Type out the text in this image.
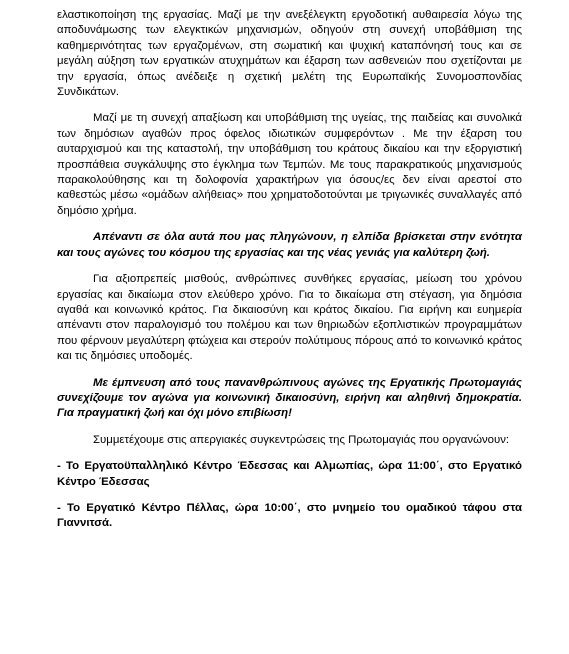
ελαστικοποίηση της εργασίας. Μαζί με την ανεξέλεγκτη εργοδοτική αυθαιρεσία λόγω της αποδυνάμωσης των ελεγκτικών μηχανισμών, οδηγούν στη συνεχή υποβάθμιση της καθημερινότητας των εργαζομένων, στη σωματική και ψυχική καταπόνησή τους και σε μεγάλη αύξηση των εργατικών ατυχημάτων και έξαρση των ασθενειών που σχετίζονται με την εργασία, όπως ανέδειξε η σχετική μελέτη της Ευρωπαϊκής Συνομοσπονδίας Συνδικάτων.

Μαζί με τη συνεχή απαξίωση και υποβάθμιση της υγείας, της παιδείας και συνολικά των δημόσιων αγαθών προς όφελος ιδιωτικών συμφερόντων . Με την έξαρση του αυταρχισμού και της καταστολή, την υποβάθμιση του κράτους δικαίου και την εξοργιστική προσπάθεια συγκάλυψης στο έγκλημα των Τεμπών. Με τους παρακρατικούς μηχανισμούς παρακολούθησης και τη δολοφονία χαρακτήρων για όσους/ες δεν είναι αρεστοί στο καθεστώς μέσω «ομάδων αλήθειας» που χρηματοδοτούνται με τριγωνικές συναλλαγές από δημόσιο χρήμα.

Απέναντι σε όλα αυτά που μας πληγώνουν, η ελπίδα βρίσκεται στην ενότητα και τους αγώνες του κόσμου της εργασίας και της νέας γενιάς για καλύτερη ζωή.

Για αξιοπρεπείς μισθούς, ανθρώπινες συνθήκες εργασίας, μείωση του χρόνου εργασίας και δικαίωμα στον ελεύθερο χρόνο. Για το δικαίωμα στη στέγαση, για δημόσια αγαθά και κοινωνικό κράτος. Για δικαιοσύνη και κράτος δικαίου. Για ειρήνη και ευημερία απέναντι στον παραλογισμό του πολέμου και των θηριωδών εξοπλιστικών προγραμμάτων που φέρνουν μεγαλύτερη φτώχεια και στερούν πολύτιμους πόρους από το κοινωνικό κράτος και τις δημόσιες υποδομές.

Με έμπνευση από τους πανανθρώπινους αγώνες της Εργατικής Πρωτομαγιάς συνεχίζουμε τον αγώνα για κοινωνική δικαιοσύνη, ειρήνη και αληθινή δημοκρατία. Για πραγματική ζωή και όχι μόνο επιβίωση!

Συμμετέχουμε στις απεργιακές συγκεντρώσεις της Πρωτομαγιάς που οργανώνουν:

- Το Εργατοϋπαλληλικό Κέντρο Έδεσσας και Αλμωπίας, ώρα 11:00΄, στο Εργατικό Κέντρο Έδεσσας

- Το Εργατικό Κέντρο Πέλλας, ώρα 10:00΄, στο μνημείο του ομαδικού τάφου στα Γιαννιτσά.
